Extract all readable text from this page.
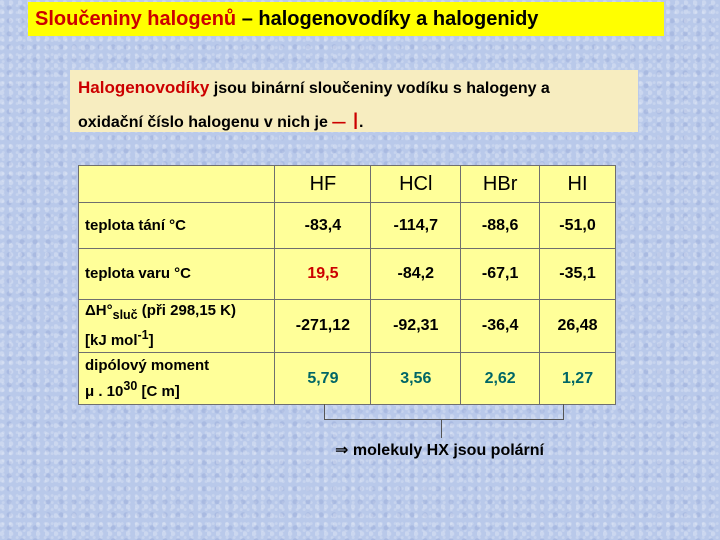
Sloučeniny halogenů – halogenovodíky a halogenidy
Halogenovodíky jsou binární sloučeniny vodíku s halogeny a
oxidační číslo halogenu v nich je – I.
	HF	HCl	HBr	HI
teplota tání °C	-83,4	-114,7	-88,6	-51,0
teplota varu °C	19,5	-84,2	-67,1	-35,1
$\Delta H^\circ_{sluč}$ (při 298,15 K)
[kJ mol$^{-1}$]	-271,12	-92,31	-36,4	26,48
dipólový moment
μ . $10^{30}$ [C m]	5,79	3,56	2,62	1,27
⇒ molekuly HX jsou polární
